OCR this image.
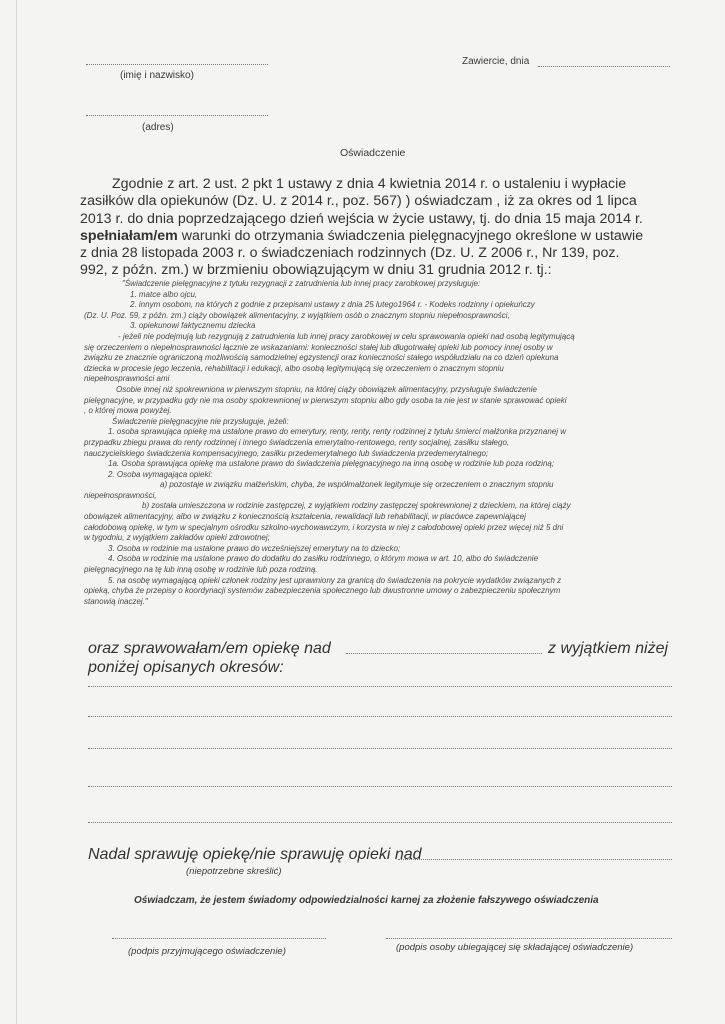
(imię i nazwisko)
Zawiercie, dnia
(adres)
Oświadczenie
Zgodnie z art. 2 ust. 2 pkt 1 ustawy z dnia 4 kwietnia 2014 r. o ustaleniu i wypłacie
zasiłków dla opiekunów (Dz. U. z 2014 r., poz. 567) ) oświadczam , iż za okres od 1 lipca
2013 r. do dnia poprzedzającego dzień wejścia w życie ustawy, tj. do dnia 15 maja 2014 r.
spełniałam/em warunki do otrzymania świadczenia pielęgnacyjnego określone w ustawie
z dnia 28 listopada 2003 r. o świadczeniach rodzinnych (Dz. U. Z 2006 r., Nr 139, poz.
992, z późn. zm.) w brzmieniu obowiązującym w dniu 31 grudnia 2012 r. tj.:
"Świadczenie pielęgnacyjne z tytułu rezygnacji z zatrudnienia lub innej pracy zarobkowej przysługuje:
1. matce albo ojcu,
2. innym osobom, na których z godnie z przepisami ustawy z dnia 25 lutego1964 r. - Kodeks rodzinny i opiekuńczy
(Dz. U. Poz. 59, z późn. zm.) ciąży obowiązek alimentacyjny, z wyjątkiem osób o znacznym stopniu niepełnosprawności,
3. opiekunowi faktycznemu dziecka
- jeżeli nie podejmują lub rezygnują z zatrudnienia lub innej pracy zarobkowej w celu sprawowania opieki nad osobą legitymującą
się orzeczeniem o niepełnosprawności łącznie ze wskazaniami: konieczności stałej lub długotrwałej opieki lub pomocy innej osoby w
związku ze znacznie ograniczoną możliwością samodzielnej egzystencji oraz konieczności stałego współudziału na co dzień opiekuna
dziecka w procesie jego leczenia, rehabilitacji i edukacji, albo osobą legitymującą się orzeczeniem o znacznym stopniu
niepełnosprawności ami
Osobie innej niż spokrewniona w pierwszym stopniu, na której ciąży obowiązek alimentacyjny, przysługuje świadczenie
pielęgnacyjne, w przypadku gdy nie ma osoby spokrewnionej w pierwszym stopniu albo gdy osoba ta nie jest w stanie sprawować opieki
, o której mowa powyżej.
Świadczenie pielęgnacyjne nie przysługuje, jeżeli:
1. osoba sprawująca opiekę ma ustalone prawo do emerytury, renty, renty, renty rodzinnej z tytułu śmierci małżonka przyznanej w
przypadku zbiegu prawa do renty rodzinnej i innego świadczenia emerytalno-rentowego, renty socjalnej, zasiłku stałego,
nauczycielskiego świadczenia kompensacyjnego, zasiłku przedemerytalnego lub świadczenia przedemerytalnego;
1a. Osoba sprawująca opiekę ma ustalone prawo do świadczenia pielęgnacyjnego na inną osobę w rodzinie lub poza rodziną;
2. Osoba wymagająca opieki:
a) pozostaje w związku małżeńskim, chyba, że współmałżonek legitymuje się orzeczeniem o znacznym stopniu
niepełnosprawności,
b) została umieszczona w rodzinie zastępczej, z wyjątkiem rodziny zastępczej spokrewnionej z dzieckiem, na której ciąży
obowiązek alimentacyjny, albo w związku z koniecznością kształcenia, rewalidacji lub rehabilitacji, w placówce zapewniającej
całodobową opiekę, w tym w specjalnym ośrodku szkolno-wychowawczym, i korzysta w niej z całodobowej opieki przez więcej niż 5 dni
w tygodniu, z wyjątkiem zakładów opieki zdrowotnej;
3. Osoba w rodzinie ma ustalone prawo do wcześniejszej emerytury na to dziecko;
4. Osoba w rodzinie ma ustalone prawo do dodatku do zasiłku rodzinnego, o którym mowa w art. 10, albo do świadczenie
pielęgnacyjnego na tę lub inną osobę w rodzinie lub poza rodziną.
5. na osobę wymagającą opieki członek rodziny jest uprawniony za granicą do świadczenia na pokrycie wydatków związanych z
opieką, chyba że przepisy o koordynacji systemów zabezpieczenia społecznego lub dwustronne umowy o zabezpieczeniu społecznym
stanowią inaczej."
oraz sprawowałam/em opiekę nad	z wyjątkiem niżej
poniżej opisanych okresów:
Nadal sprawuję opiekę/nie sprawuję opieki nad
(niepotrzebne skreślić)
Oświadczam, że jestem świadomy odpowiedzialności karnej za złożenie fałszywego oświadczenia
(podpis przyjmującego oświadczenie)	(podpis osoby ubiegającej się składającej oświadczenie)
